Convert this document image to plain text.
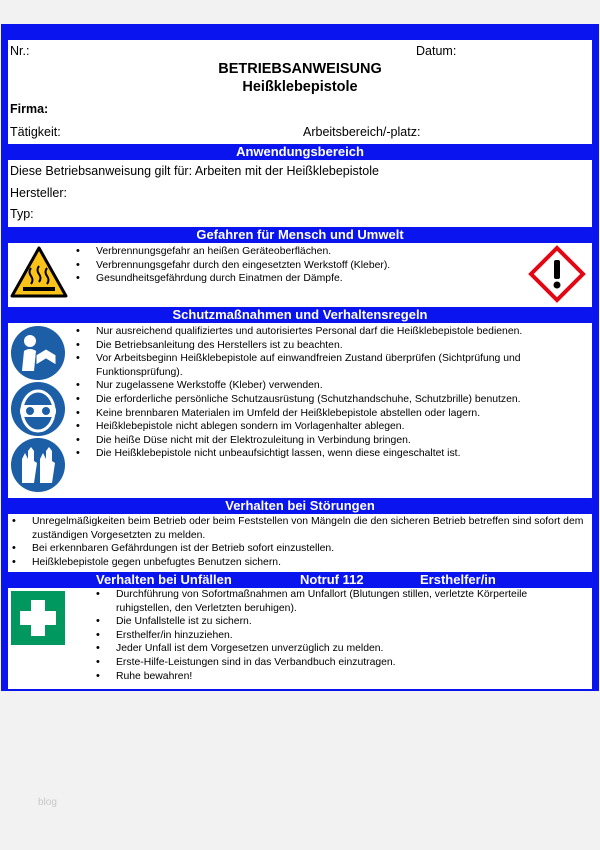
Nr.:	Datum:
BETRIEBSANWEISUNG
Heißklebepistole
Firma:
Tätigkeit:	Arbeitsbereich/-platz:
Anwendungsbereich
Diese Betriebsanweisung gilt für: Arbeiten mit der Heißklebepistole
Hersteller:
Typ:
Gefahren für Mensch und Umwelt
• Verbrennungsgefahr an heißen Geräteoberflächen.
• Verbrennungsgefahr durch den eingesetzten Werkstoff (Kleber).
• Gesundheitsgefährdung durch Einatmen der Dämpfe.
Schutzmaßnahmen und Verhaltensregeln
• Nur ausreichend qualifiziertes und autorisiertes Personal darf die Heißklebepistole bedienen.
• Die Betriebsanleitung des Herstellers ist zu beachten.
• Vor Arbeitsbeginn Heißklebepistole auf einwandfreien Zustand überprüfen (Sichtprüfung und Funktionsprüfung).
• Nur zugelassene Werkstoffe (Kleber) verwenden.
• Die erforderliche persönliche Schutzausrüstung (Schutzhandschuhe, Schutzbrille) benutzen.
• Keine brennbaren Materialen im Umfeld der Heißklebepistole abstellen oder lagern.
• Heißklebepistole nicht ablegen sondern im Vorlagenhalter ablegen.
• Die heiße Düse nicht mit der Elektrozuleitung in Verbindung bringen.
• Die Heißklebepistole nicht unbeaufsichtigt lassen, wenn diese eingeschaltet ist.
Verhalten bei Störungen
• Unregelmäßigkeiten beim Betrieb oder beim Feststellen von Mängeln die den sicheren Betrieb betreffen sind sofort dem zuständigen Vorgesetzten zu melden.
• Bei erkennbaren Gefährdungen ist der Betrieb sofort einzustellen.
• Heißklebepistole gegen unbefugtes Benutzen sichern.
Verhalten bei Unfällen	Notruf 112	Ersthelfer/in
• Durchführung von Sofortmaßnahmen am Unfallort (Blutungen stillen, verletzte Körperteile ruhigstellen, den Verletzten beruhigen).
• Die Unfallstelle ist zu sichern.
• Ersthelfer/in hinzuziehen.
• Jeder Unfall ist dem Vorgesetzen unverzüglich zu melden.
• Erste-Hilfe-Leistungen sind in das Verbandbuch einzutragen.
• Ruhe bewahren!
blog
